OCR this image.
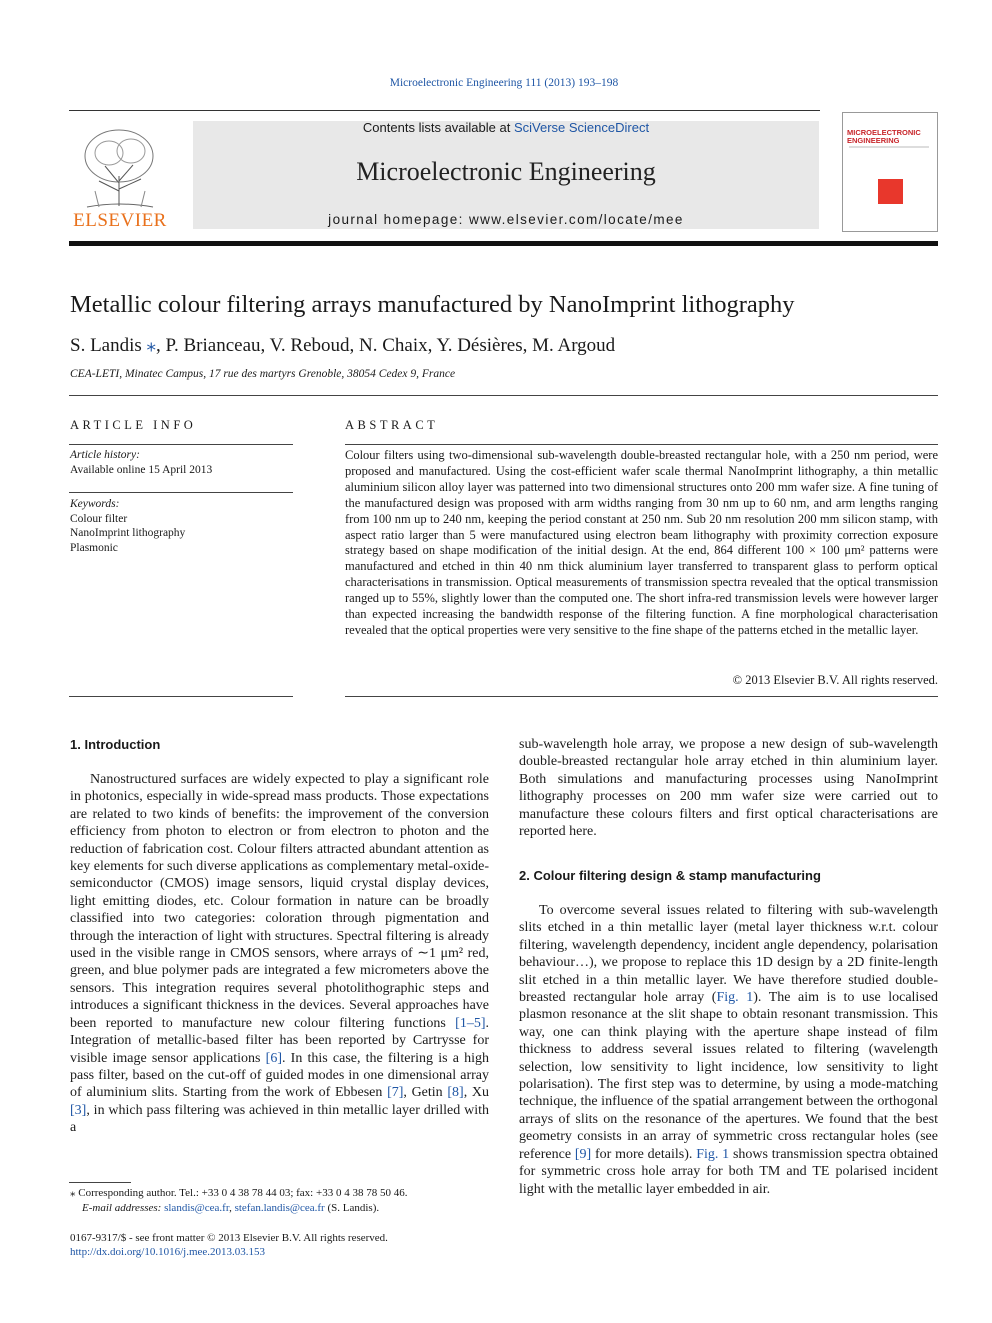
Microelectronic Engineering 111 (2013) 193–198
ELSEVIER
Contents lists available at SciVerse ScienceDirect
Microelectronic Engineering
journal homepage: www.elsevier.com/locate/mee
MICROELECTRONIC ENGINEERING
Metallic colour filtering arrays manufactured by NanoImprint lithography
S. Landis ⁎, P. Brianceau, V. Reboud, N. Chaix, Y. Désières, M. Argoud
CEA-LETI, Minatec Campus, 17 rue des martyrs Grenoble, 38054 Cedex 9, France
ARTICLE INFO	ABSTRACT
Article history:
Available online 15 April 2013
Keywords:
Colour filter
NanoImprint lithography
Plasmonic
Colour filters using two-dimensional sub-wavelength double-breasted rectangular hole, with a 250 nm period, were proposed and manufactured. Using the cost-efficient wafer scale thermal NanoImprint lithography, a thin metallic aluminium silicon alloy layer was patterned into two dimensional structures onto 200 mm wafer size. A fine tuning of the manufactured design was proposed with arm widths ranging from 30 nm up to 60 nm, and arm lengths ranging from 100 nm up to 240 nm, keeping the period constant at 250 nm. Sub 20 nm resolution 200 mm silicon stamp, with aspect ratio larger than 5 were manufactured using electron beam lithography with proximity correction exposure strategy based on shape modification of the initial design. At the end, 864 different 100 × 100 μm² patterns were manufactured and etched in thin 40 nm thick aluminium layer transferred to transparent glass to perform optical characterisations in transmission. Optical measurements of transmission spectra revealed that the optical transmission ranged up to 55%, slightly lower than the computed one. The short infra-red transmission levels were however larger than expected increasing the bandwidth response of the filtering function. A fine morphological characterisation revealed that the optical properties were very sensitive to the fine shape of the patterns etched in the metallic layer.
© 2013 Elsevier B.V. All rights reserved.
1. Introduction

Nanostructured surfaces are widely expected to play a significant role in photonics, especially in wide-spread mass products. Those expectations are related to two kinds of benefits: the improvement of the conversion efficiency from photon to electron or from electron to photon and the reduction of fabrication cost. Colour filters attracted abundant attention as key elements for such diverse applications as complementary metal-oxide-semiconductor (CMOS) image sensors, liquid crystal display devices, light emitting diodes, etc. Colour formation in nature can be broadly classified into two categories: coloration through pigmentation and through the interaction of light with structures. Spectral filtering is already used in the visible range in CMOS sensors, where arrays of ∼1 μm² red, green, and blue polymer pads are integrated a few micrometers above the sensors. This integration requires several photolithographic steps and introduces a significant thickness in the devices. Several approaches have been reported to manufacture new colour filtering functions [1–5]. Integration of metallic-based filter has been reported by Cartrysse for visible image sensor applications [6]. In this case, the filtering is a high pass filter, based on the cut-off of guided modes in one dimensional array of aluminium slits. Starting from the work of Ebbesen [7], Getin [8], Xu [3], in which pass filtering was achieved in thin metallic layer drilled with a

sub-wavelength hole array, we propose a new design of sub-wavelength double-breasted rectangular hole array etched in thin aluminium layer. Both simulations and manufacturing processes using NanoImprint lithography processes on 200 mm wafer size were carried out to manufacture these colours filters and first optical characterisations are reported here.

2. Colour filtering design & stamp manufacturing

To overcome several issues related to filtering with sub-wavelength slits etched in a thin metallic layer (metal layer thickness w.r.t. colour filtering, wavelength dependency, incident angle dependency, polarisation behaviour…), we propose to replace this 1D design by a 2D finite-length slit etched in a thin metallic layer. We have therefore studied double-breasted rectangular hole array (Fig. 1). The aim is to use localised plasmon resonance at the slit shape to obtain resonant transmission. This way, one can think playing with the aperture shape instead of film thickness to address several issues related to filtering (wavelength selection, low sensitivity to light incidence, low sensitivity to light polarisation). The first step was to determine, by using a mode-matching technique, the influence of the spatial arrangement between the orthogonal arrays of slits on the resonance of the apertures. We found that the best geometry consists in an array of symmetric cross rectangular holes (see reference [9] for more details). Fig. 1 shows transmission spectra obtained for symmetric cross hole array for both TM and TE polarised incident light with the metallic layer embedded in air.

⁎ Corresponding author. Tel.: +33 0 4 38 78 44 03; fax: +33 0 4 38 78 50 46.
E-mail addresses: slandis@cea.fr, stefan.landis@cea.fr (S. Landis).
0167-9317/$ - see front matter © 2013 Elsevier B.V. All rights reserved.
http://dx.doi.org/10.1016/j.mee.2013.03.153
